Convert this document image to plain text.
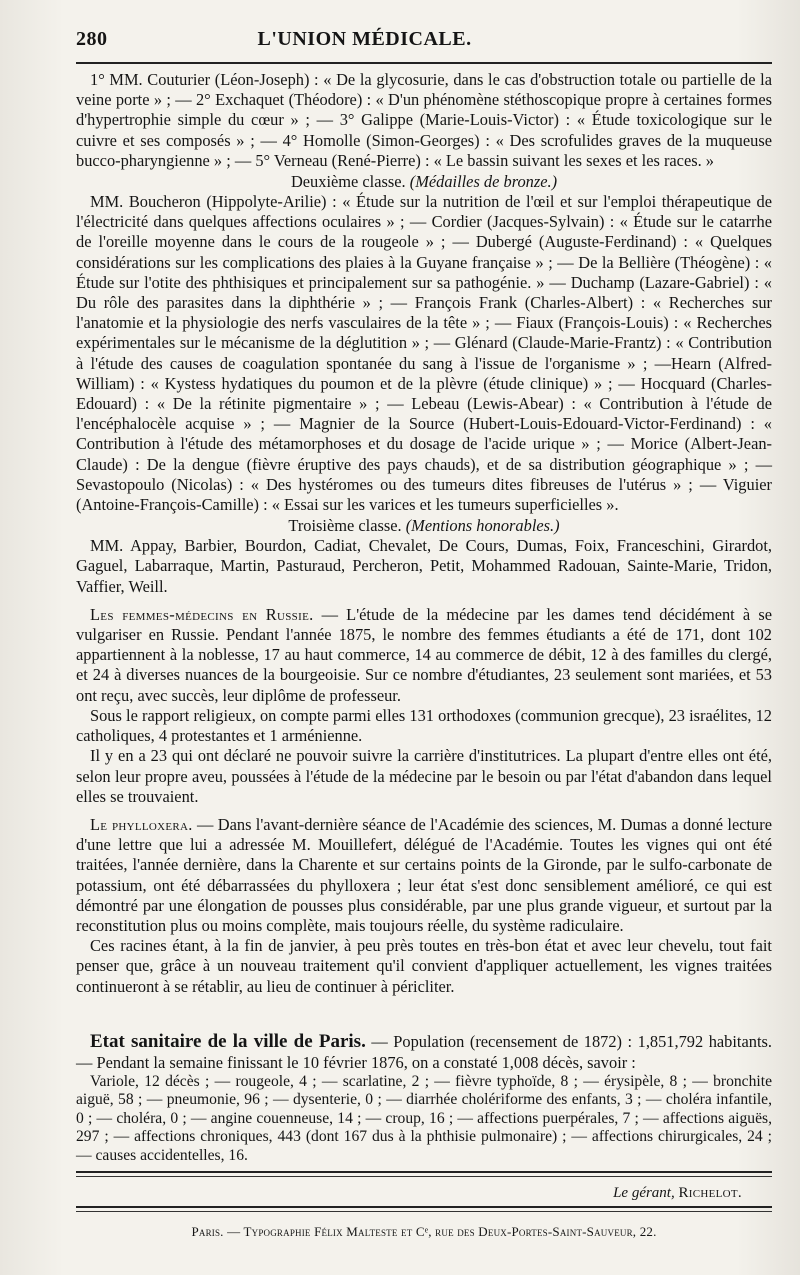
280	L'UNION MÉDICALE.

1° MM. Couturier (Léon-Joseph) : « De la glycosurie, dans le cas d'obstruction totale ou partielle de la veine porte » ; — 2° Exchaquet (Théodore) : « D'un phénomène stéthoscopique propre à certaines formes d'hypertrophie simple du cœur » ; — 3° Galippe (Marie-Louis-Victor) : « Étude toxicologique sur le cuivre et ses composés » ; — 4° Homolle (Simon-Georges) : « Des scrofulides graves de la muqueuse bucco-pharyngienne » ; — 5° Verneau (René-Pierre) : « Le bassin suivant les sexes et les races. »

Deuxième classe. (Médailles de bronze.)

MM. Boucheron (Hippolyte-Arilie) : « Étude sur la nutrition de l'œil et sur l'emploi thérapeutique de l'électricité dans quelques affections oculaires » ; — Cordier (Jacques-Sylvain) : « Étude sur le catarrhe de l'oreille moyenne dans le cours de la rougeole » ; — Dubergé (Auguste-Ferdinand) : « Quelques considérations sur les complications des plaies à la Guyane française » ; — De la Bellière (Théogène) : « Étude sur l'otite des phthisiques et principalement sur sa pathogénie. » — Duchamp (Lazare-Gabriel) : « Du rôle des parasites dans la diphthérie » ; — François Frank (Charles-Albert) : « Recherches sur l'anatomie et la physiologie des nerfs vasculaires de la tête » ; — Fiaux (François-Louis) : « Recherches expérimentales sur le mécanisme de la déglutition » ; — Glénard (Claude-Marie-Frantz) : « Contribution à l'étude des causes de coagulation spontanée du sang à l'issue de l'organisme » ; —Hearn (Alfred-William) : « Kystess hydatiques du poumon et de la plèvre (étude clinique) » ; — Hocquard (Charles-Edouard) : « De la rétinite pigmentaire » ; — Lebeau (Lewis-Abear) : « Contribution à l'étude de l'encéphalocèle acquise » ; — Magnier de la Source (Hubert-Louis-Edouard-Victor-Ferdinand) : « Contribution à l'étude des métamorphoses et du dosage de l'acide urique » ; — Morice (Albert-Jean-Claude) : De la dengue (fièvre éruptive des pays chauds), et de sa distribution géographique » ; — Sevastopoulo (Nicolas) : « Des hystéromes ou des tumeurs dites fibreuses de l'utérus » ; — Viguier (Antoine-François-Camille) : « Essai sur les varices et les tumeurs superficielles ».

Troisième classe. (Mentions honorables.)

MM. Appay, Barbier, Bourdon, Cadiat, Chevalet, De Cours, Dumas, Foix, Franceschini, Girardot, Gaguel, Labarraque, Martin, Pasturaud, Percheron, Petit, Mohammed Radouan, Sainte-Marie, Tridon, Vaffier, Weill.

Les femmes-médecins en Russie. — L'étude de la médecine par les dames tend décidément à se vulgariser en Russie. Pendant l'année 1875, le nombre des femmes étudiants a été de 171, dont 102 appartiennent à la noblesse, 17 au haut commerce, 14 au commerce de débit, 12 à des familles du clergé, et 24 à diverses nuances de la bourgeoisie. Sur ce nombre d'étudiantes, 23 seulement sont mariées, et 53 ont reçu, avec succès, leur diplôme de professeur.

Sous le rapport religieux, on compte parmi elles 131 orthodoxes (communion grecque), 23 israélites, 12 catholiques, 4 protestantes et 1 arménienne.

Il y en a 23 qui ont déclaré ne pouvoir suivre la carrière d'institutrices. La plupart d'entre elles ont été, selon leur propre aveu, poussées à l'étude de la médecine par le besoin ou par l'état d'abandon dans lequel elles se trouvaient.

Le phylloxera. — Dans l'avant-dernière séance de l'Académie des sciences, M. Dumas a donné lecture d'une lettre que lui a adressée M. Mouillefert, délégué de l'Académie. Toutes les vignes qui ont été traitées, l'année dernière, dans la Charente et sur certains points de la Gironde, par le sulfo-carbonate de potassium, ont été débarrassées du phylloxera ; leur état s'est donc sensiblement amélioré, ce qui est démontré par une élongation de pousses plus considérable, par une plus grande vigueur, et surtout par la reconstitution plus ou moins complète, mais toujours réelle, du système radiculaire.

Ces racines étant, à la fin de janvier, à peu près toutes en très-bon état et avec leur chevelu, tout fait penser que, grâce à un nouveau traitement qu'il convient d'appliquer actuellement, les vignes traitées continueront à se rétablir, au lieu de continuer à péricliter.

Etat sanitaire de la ville de Paris. — Population (recensement de 1872) : 1,851,792 habitants. — Pendant la semaine finissant le 10 février 1876, on a constaté 1,008 décès, savoir :

Variole, 12 décès ; — rougeole, 4 ; — scarlatine, 2 ; — fièvre typhoïde, 8 ; — érysipèle, 8 ; — bronchite aiguë, 58 ; — pneumonie, 96 ; — dysenterie, 0 ; — diarrhée cholériforme des enfants, 3 ; — choléra infantile, 0 ; — choléra, 0 ; — angine couenneuse, 14 ; — croup, 16 ; — affections puerpérales, 7 ; — affections aiguës, 297 ; — affections chroniques, 443 (dont 167 dus à la phthisie pulmonaire) ; — affections chirurgicales, 24 ; — causes accidentelles, 16.

Le gérant, Richelot.
Paris. — Typographie Félix Malteste et Cᵉ, rue des Deux-Portes-Saint-Sauveur, 22.
